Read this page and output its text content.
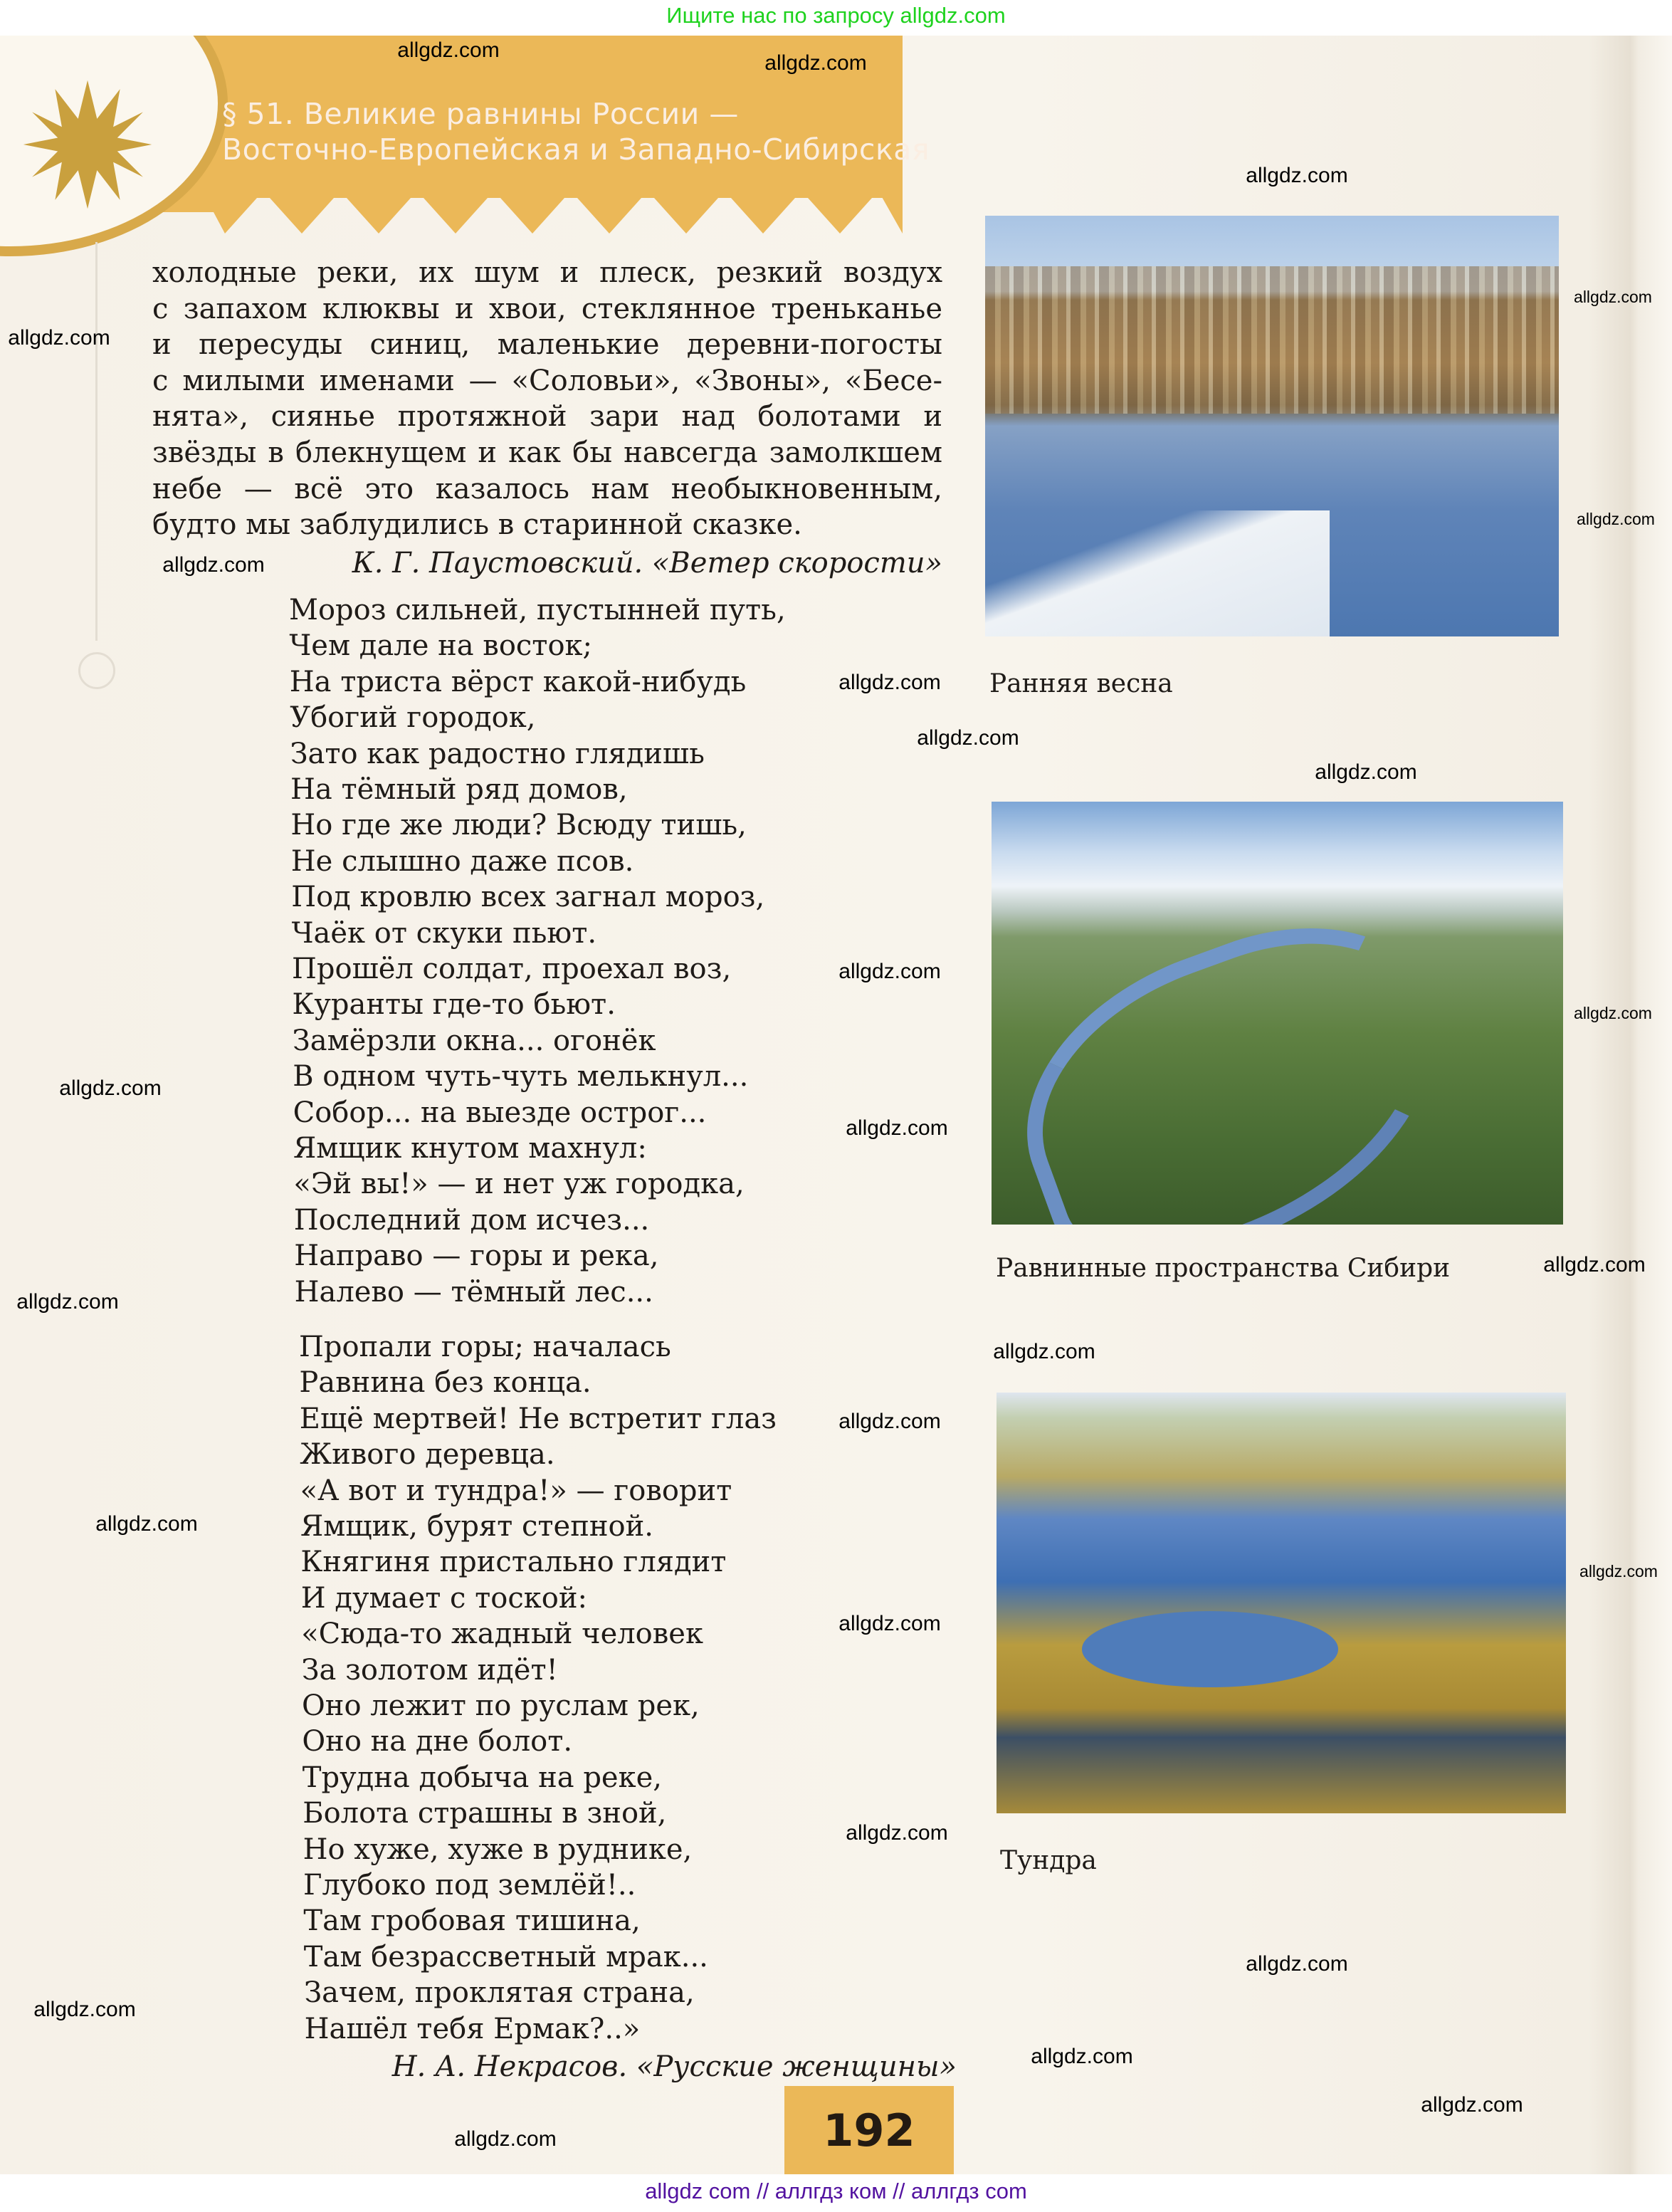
Ищите нас по запросу allgdz.com
§ 51. Великие равнины России —
Восточно-Европейская и Западно-Сибирская
холодные реки, их шум и плеск, резкий воздух
с запахом клюквы и хвои, стеклянное треньканье
и пересуды синиц, маленькие деревни-погосты
с милыми именами — «Соловьи», «Звоны», «Бесе-
нята», сиянье протяжной зари над болотами и
звёзды в блекнущем и как бы навсегда замолкшем
небе — всё это казалось нам необыкновенным,
будто мы заблудились в старинной сказке.
К. Г. Паустовский. «Ветер скорости»
Мороз сильней, пустынней путь,
Чем дале на восток;
На триста вёрст какой-нибудь
Убогий городок,
Зато как радостно глядишь
На тёмный ряд домов,
Но где же люди? Всюду тишь,
Не слышно даже псов.
Под кровлю всех загнал мороз,
Чаёк от скуки пьют.
Прошёл солдат, проехал воз,
Куранты где-то бьют.
Замёрзли окна... огонёк
В одном чуть-чуть мелькнул...
Собор... на выезде острог...
Ямщик кнутом махнул:
«Эй вы!» — и нет уж городка,
Последний дом исчез...
Направо — горы и река,
Налево — тёмный лес...
Пропали горы; началась
Равнина без конца.
Ещё мертвей! Не встретит глаз
Живого деревца.
«А вот и тундра!» — говорит
Ямщик, бурят степной.
Княгиня пристально глядит
И думает с тоской:
«Сюда-то жадный человек
За золотом идёт!
Оно лежит по руслам рек,
Оно на дне болот.
Трудна добыча на реке,
Болота страшны в зной,
Но хуже, хуже в руднике,
Глубоко под землёй!..
Там гробовая тишина,
Там безрассветный мрак...
Зачем, проклятая страна,
Нашёл тебя Ермак?..»
Н. А. Некрасов. «Русские женщины»
Ранняя весна
Равнинные пространства Сибири
Тундра
192
allgdz.com
allgdz.com
allgdz.com
allgdz.com
allgdz.com
allgdz.com
allgdz.com
allgdz.com
allgdz.com
allgdz.com
allgdz.com
allgdz.com
allgdz.com
allgdz.com
allgdz.com
allgdz.com
allgdz.com
allgdz.com
allgdz.com
allgdz.com
allgdz.com
allgdz.com
allgdz.com
allgdz.com
allgdz.com
allgdz.com
allgdz.com
allgdz com // аллгдз ком // аллгдз com
